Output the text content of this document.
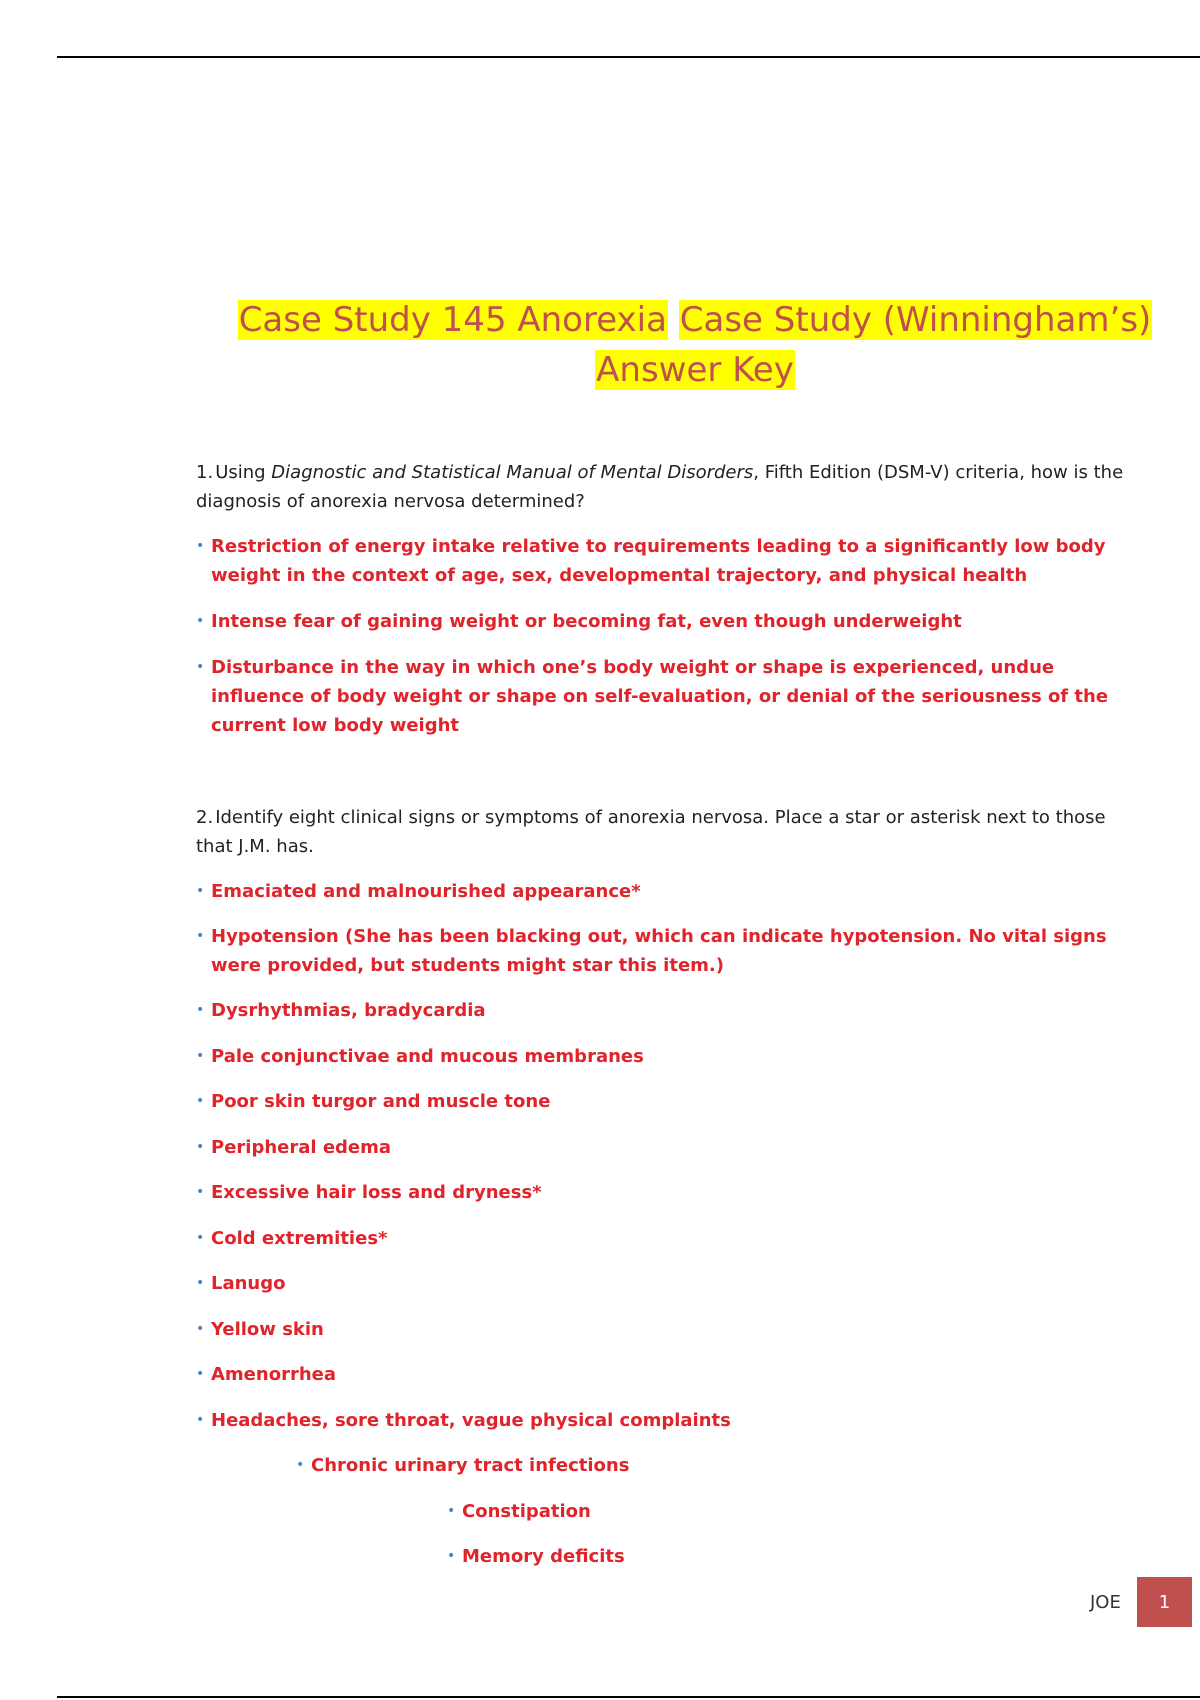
Case Study 145 Anorexia Case Study (Winningham’s)
Answer Key
1. Using Diagnostic and Statistical Manual of Mental Disorders, Fifth Edition (DSM-V) criteria, how is the diagnosis of anorexia nervosa determined?
• Restriction of energy intake relative to requirements leading to a significantly low body weight in the context of age, sex, developmental trajectory, and physical health
• Intense fear of gaining weight or becoming fat, even though underweight
• Disturbance in the way in which one’s body weight or shape is experienced, undue influence of body weight or shape on self-evaluation, or denial of the seriousness of the current low body weight
2. Identify eight clinical signs or symptoms of anorexia nervosa. Place a star or asterisk next to those that J.M. has.
• Emaciated and malnourished appearance*
• Hypotension (She has been blacking out, which can indicate hypotension. No vital signs were provided, but students might star this item.)
• Dysrhythmias, bradycardia
• Pale conjunctivae and mucous membranes
• Poor skin turgor and muscle tone
• Peripheral edema
• Excessive hair loss and dryness*
• Cold extremities*
• Lanugo
• Yellow skin
• Amenorrhea
• Headaches, sore throat, vague physical complaints
• Chronic urinary tract infections
• Constipation
• Memory deficits
JOE 1
